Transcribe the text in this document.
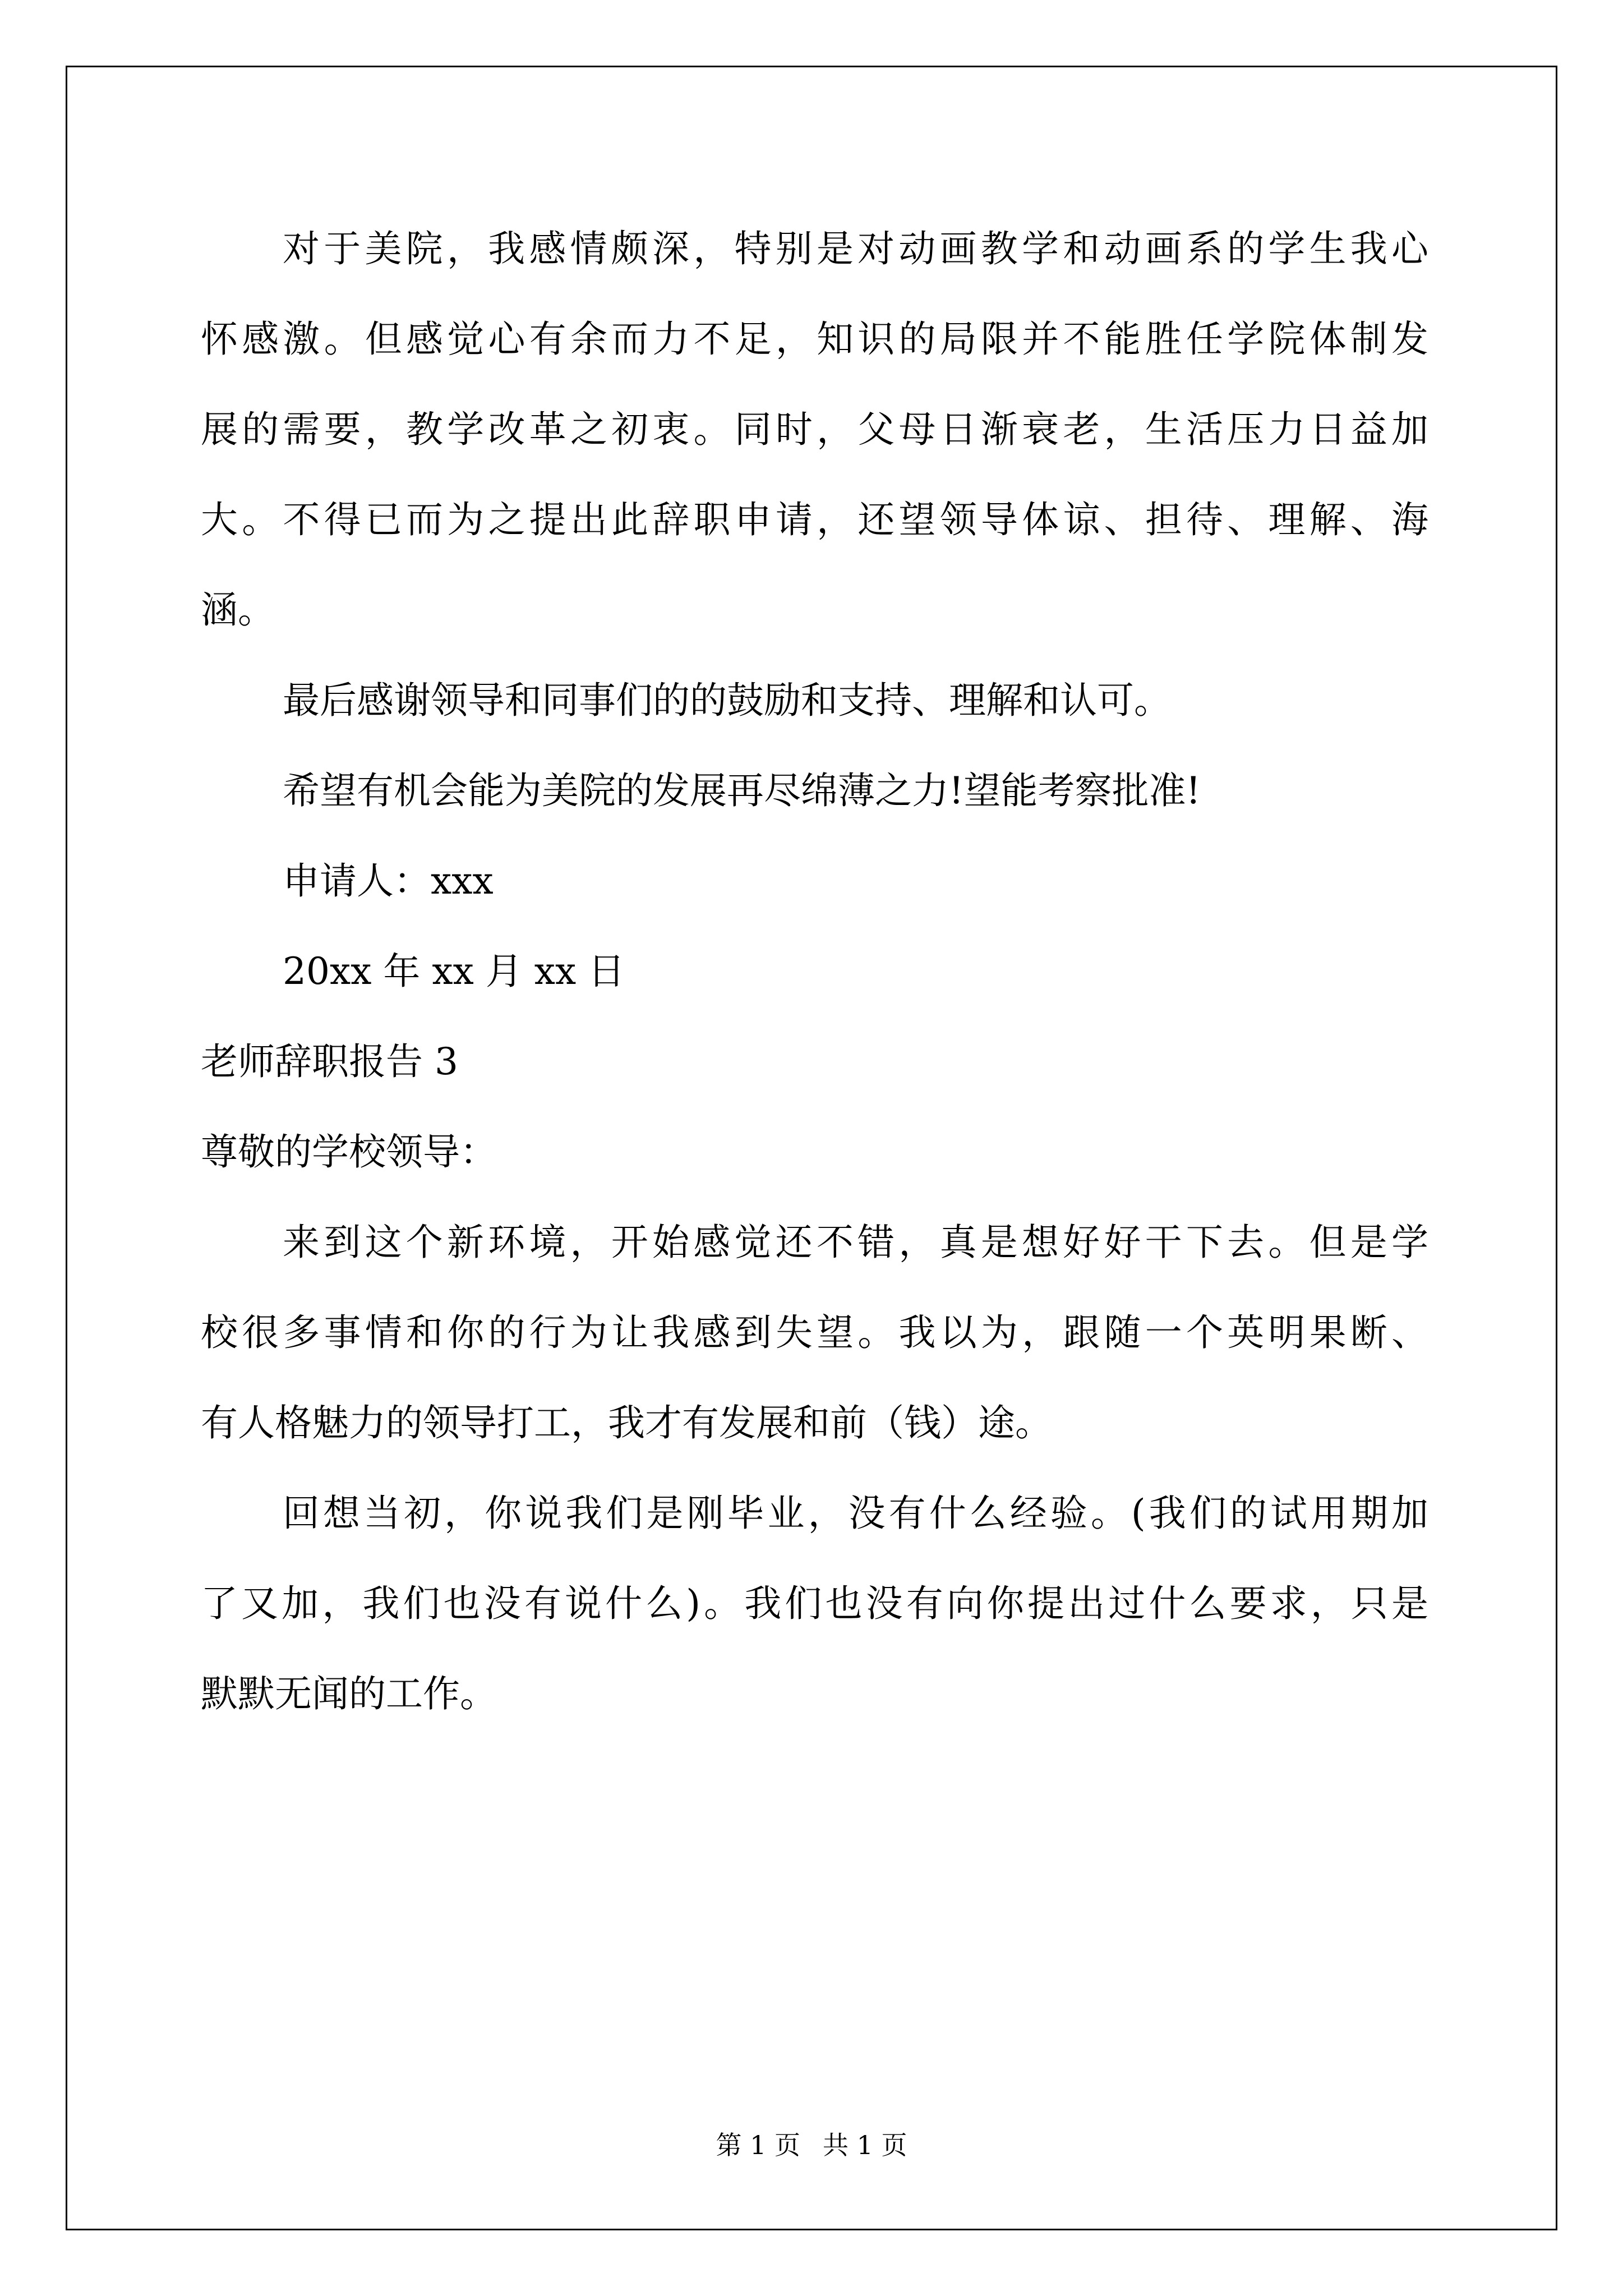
对于美院，我感情颇深，特别是对动画教学和动画系的学生我心
怀感激。但感觉心有余而力不足，知识的局限并不能胜任学院体制发
展的需要，教学改革之初衷。同时，父母日渐衰老，生活压力日益加
大。不得已而为之提出此辞职申请，还望领导体谅、担待、理解、海
涵。
最后感谢领导和同事们的的鼓励和支持、理解和认可。
希望有机会能为美院的发展再尽绵薄之力!望能考察批准!
申请人：xxx
20xx 年 xx 月 xx 日
老师辞职报告 3
尊敬的学校领导：
来到这个新环境，开始感觉还不错，真是想好好干下去。但是学
校很多事情和你的行为让我感到失望。我以为，跟随一个英明果断、
有人格魅力的领导打工，我才有发展和前（钱）途。
回想当初，你说我们是刚毕业，没有什么经验。(我们的试用期加
了又加，我们也没有说什么)。我们也没有向你提出过什么要求，只是
默默无闻的工作。
第 1 页 共 1 页
